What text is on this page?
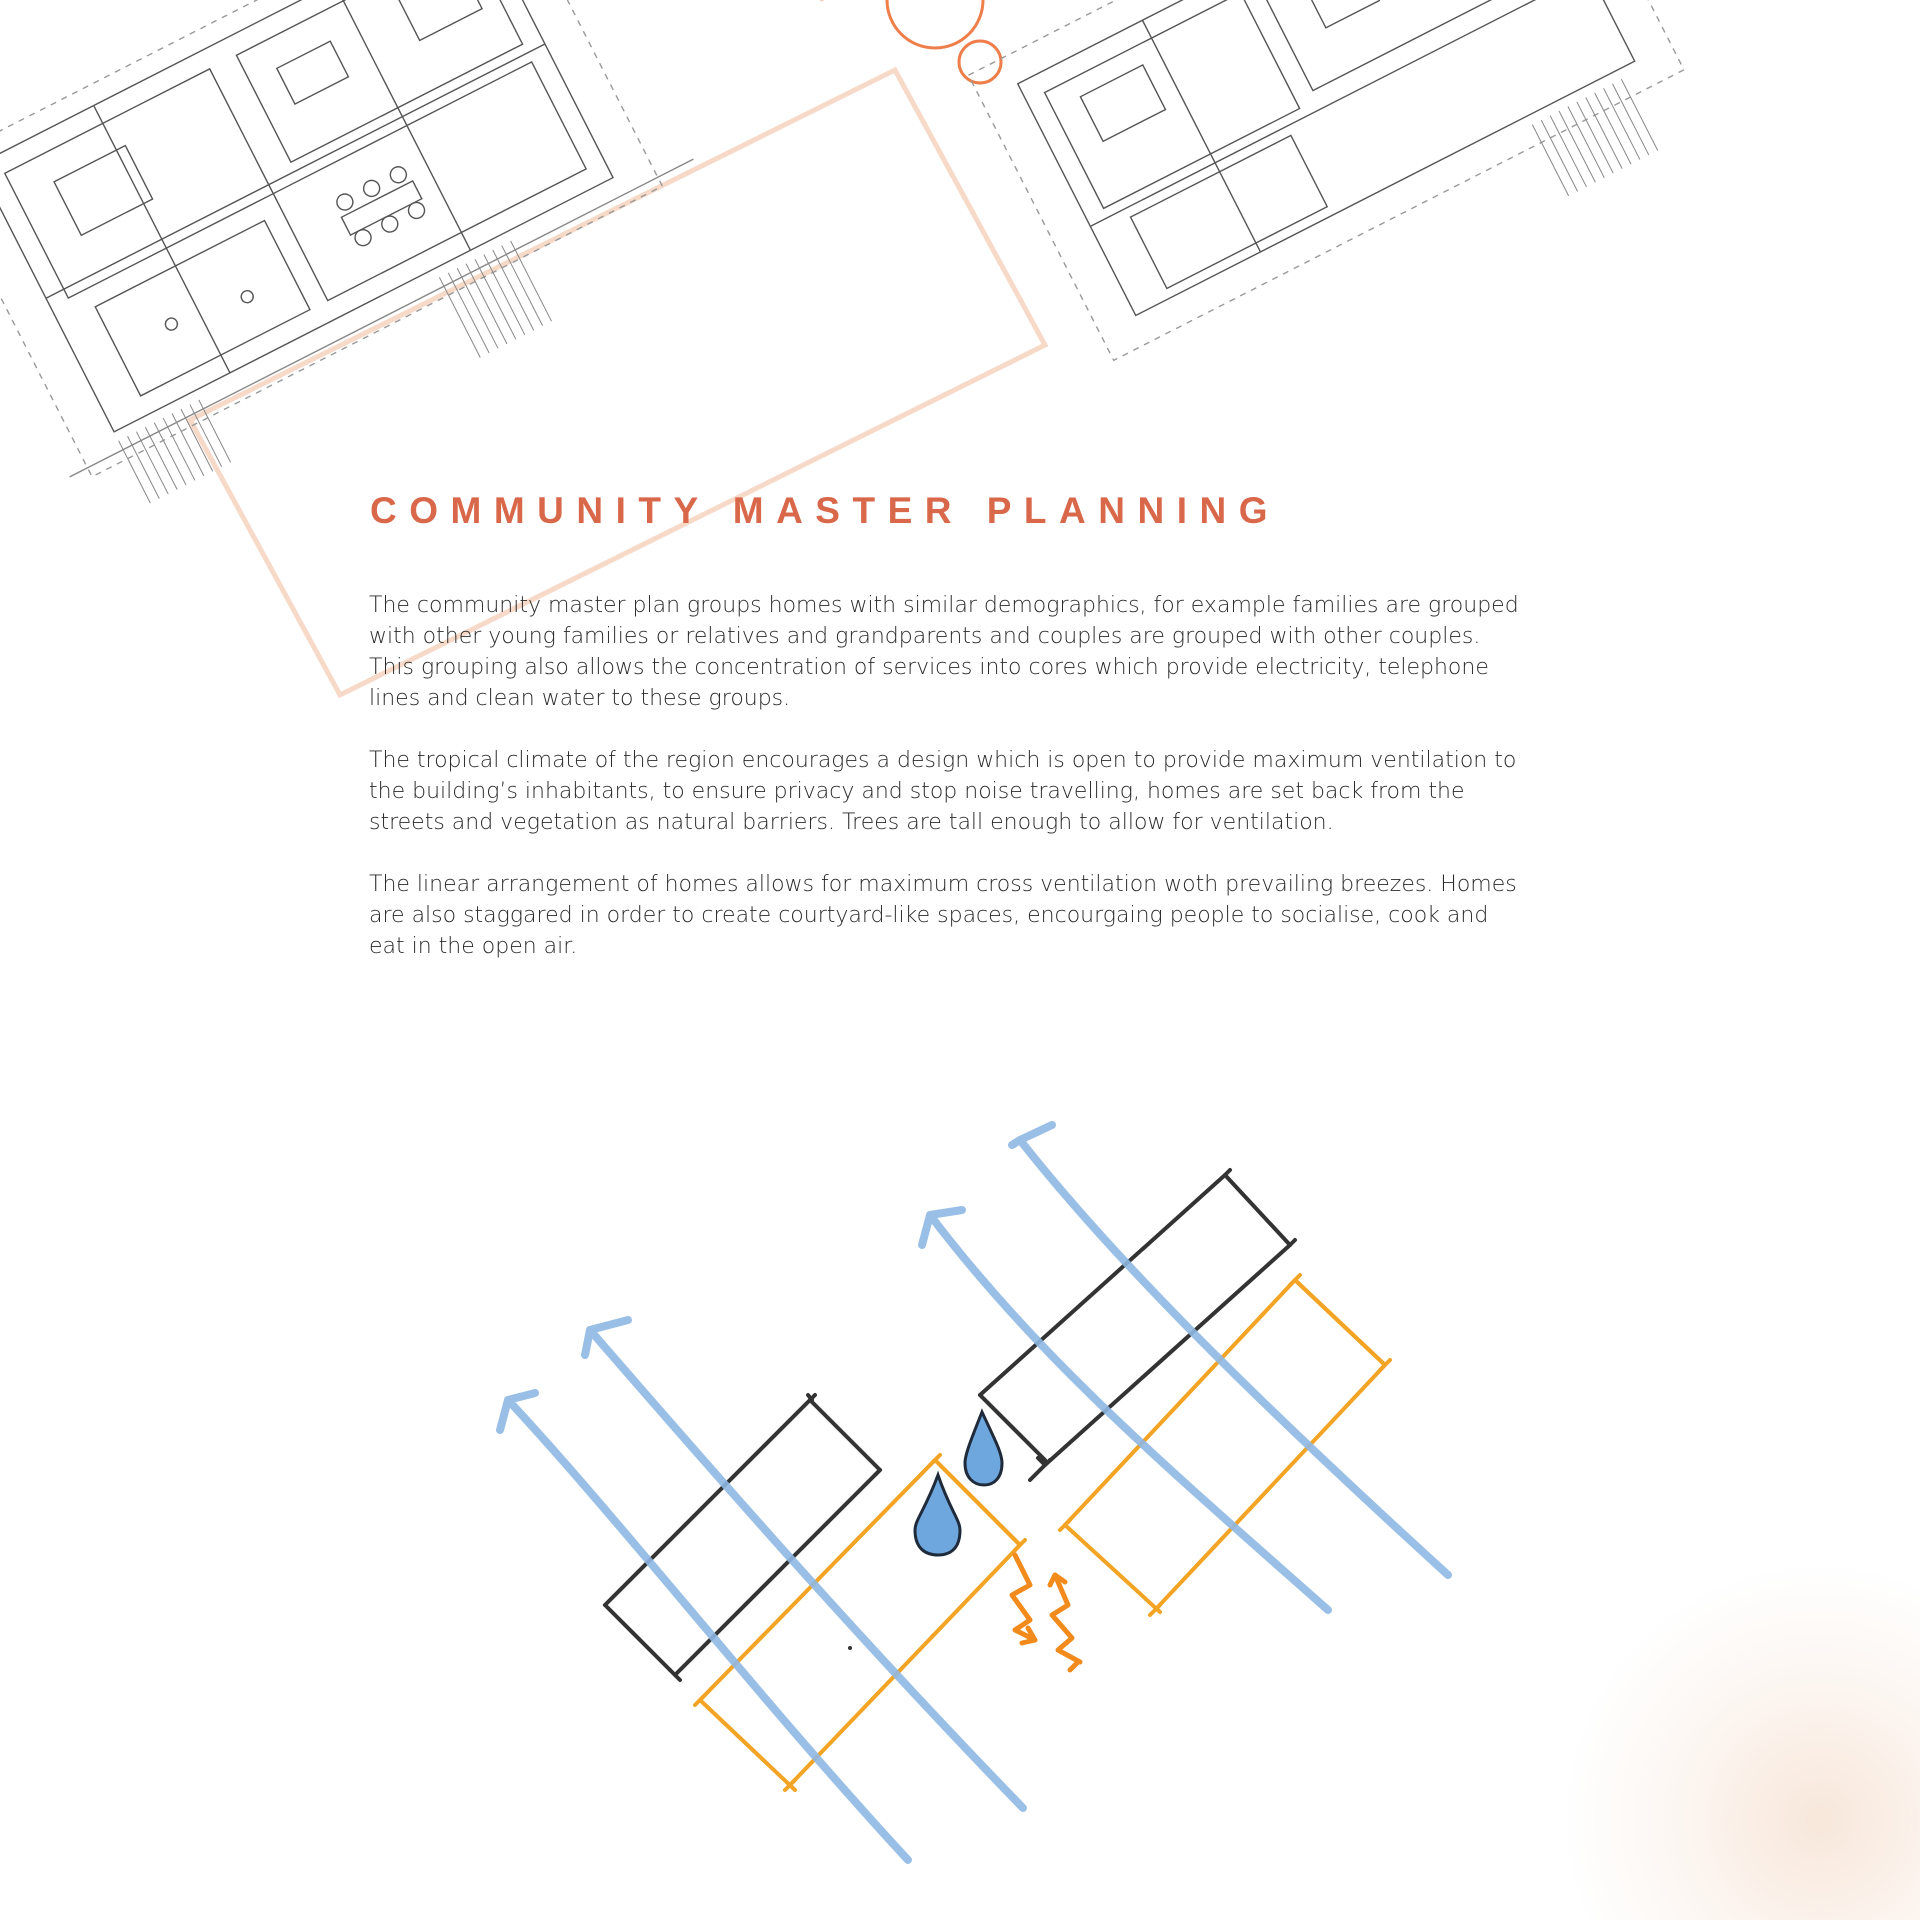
COMMUNITY MASTER PLANNING

The community master plan groups homes with similar demographics, for example families are grouped with other young families or relatives and grandparents and couples are grouped with other couples. This grouping also allows the concentration of services into cores which provide electricity, telephone lines and clean water to these groups.

The tropical climate of the region encourages a design which is open to provide maximum ventilation to the building’s inhabitants, to ensure privacy and stop noise travelling, homes are set back from the streets and vegetation as natural barriers. Trees are tall enough to allow for ventilation.

The linear arrangement of homes allows for maximum cross ventilation woth prevailing breezes. Homes are also staggared in order to create courtyard-like spaces, encourgaing people to socialise, cook and eat in the open air.
